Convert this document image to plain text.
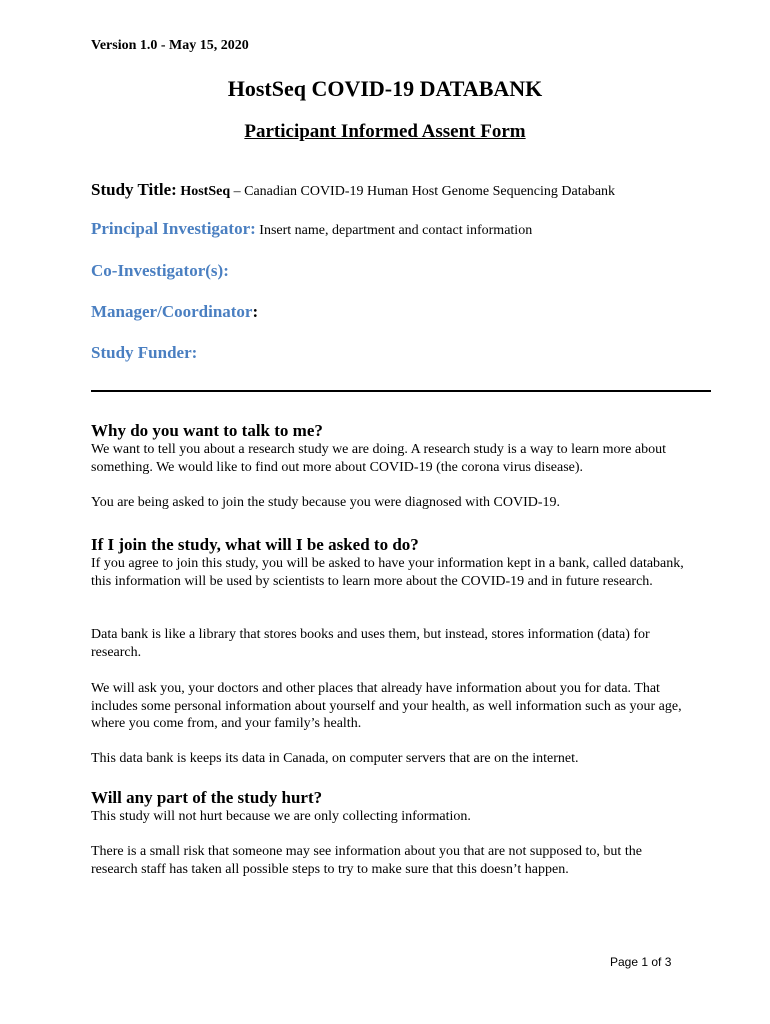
Version 1.0 - May 15, 2020
HostSeq COVID-19 DATABANK
Participant Informed Assent Form
Study Title: HostSeq – Canadian COVID-19 Human Host Genome Sequencing Databank
Principal Investigator: Insert name, department and contact information
Co-Investigator(s):
Manager/Coordinator:
Study Funder:
Why do you want to talk to me?
We want to tell you about a research study we are doing. A research study is a way to learn more about something. We would like to find out more about COVID-19 (the corona virus disease).
You are being asked to join the study because you were diagnosed with COVID-19.
If I join the study, what will I be asked to do?
If you agree to join this study, you will be asked to have your information kept in a bank, called databank, this information will be used by scientists to learn more about the COVID-19 and in future research.
Data bank is like a library that stores books and uses them, but instead, stores information (data) for research.
We will ask you, your doctors and other places that already have information about you for data. That includes some personal information about yourself and your health, as well information such as your age, where you come from, and your family’s health.
This data bank is keeps its data in Canada, on computer servers that are on the internet.
Will any part of the study hurt?
This study will not hurt because we are only collecting information.
There is a small risk that someone may see information about you that are not supposed to, but the research staff has taken all possible steps to try to make sure that this doesn’t happen.
Page 1 of 3
